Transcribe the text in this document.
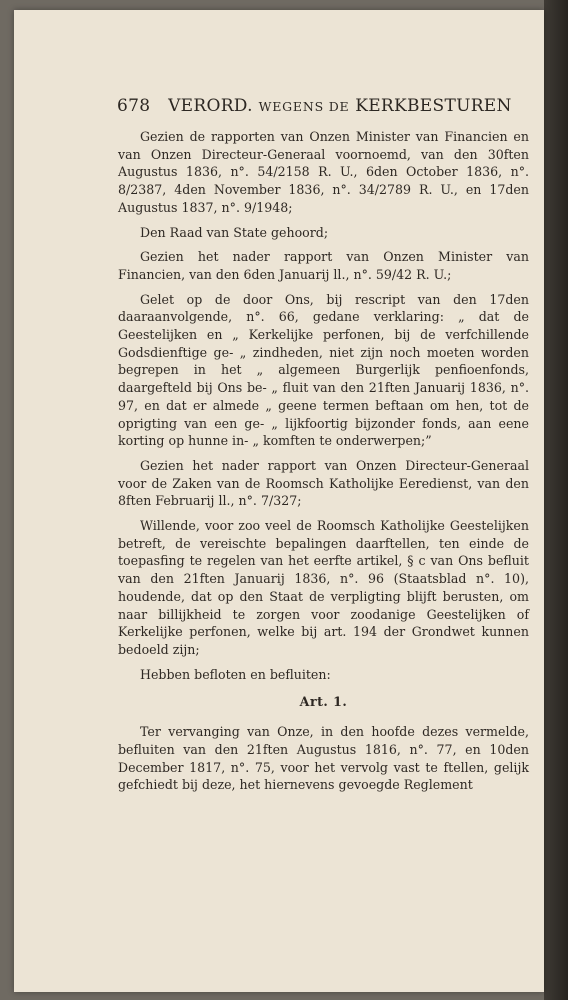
678 VERORD. WEGENS DE KERKBESTUREN

Gezien de rapporten van Onzen Minister van Financien en van Onzen Directeur-Generaal voornoemd, van den 30ften Augustus 1836, n°. 54/2158 R. U., 6den October 1836, n°. 8/2387, 4den November 1836, n°. 34/2789 R. U., en 17den Augustus 1837, n°. 9/1948;

Den Raad van State gehoord;

Gezien het nader rapport van Onzen Minister van Financien, van den 6den Januarij ll., n°. 59/42 R. U.;

Gelet op de door Ons, bij rescript van den 17den daaraanvolgende, n°. 66, gedane verklaring: „ dat de Geestelijken en „ Kerkelijke perfonen, bij de verfchillende Godsdienftige ge- „ zindheden, niet zijn noch moeten worden begrepen in het „ algemeen Burgerlijk penfioenfonds, daargefteld bij Ons be- „ fluit van den 21ften Januarij 1836, n°. 97, en dat er almede „ geene termen beftaan om hen, tot de oprigting van een ge- „ lijkfoortig bijzonder fonds, aan eene korting op hunne in- „ komften te onderwerpen;”

Gezien het nader rapport van Onzen Directeur-Generaal voor de Zaken van de Roomsch Katholijke Eeredienst, van den 8ften Februarij ll., n°. 7/327;

Willende, voor zoo veel de Roomsch Katholijke Geestelijken betreft, de vereischte bepalingen daarftellen, ten einde de toepasfing te regelen van het eerfte artikel, § c van Ons befluit van den 21ften Januarij 1836, n°. 96 (Staatsblad n°. 10), houdende, dat op den Staat de verpligting blijft berusten, om naar billijkheid te zorgen voor zoodanige Geestelijken of Kerkelijke perfonen, welke bij art. 194 der Grondwet kunnen bedoeld zijn;

Hebben befloten en befluiten:

Art. 1.

Ter vervanging van Onze, in den hoofde dezes vermelde, befluiten van den 21ften Augustus 1816, n°. 77, en 10den December 1817, n°. 75, voor het vervolg vast te ftellen, gelijk gefchiedt bij deze, het hiernevens gevoegde Reglement
